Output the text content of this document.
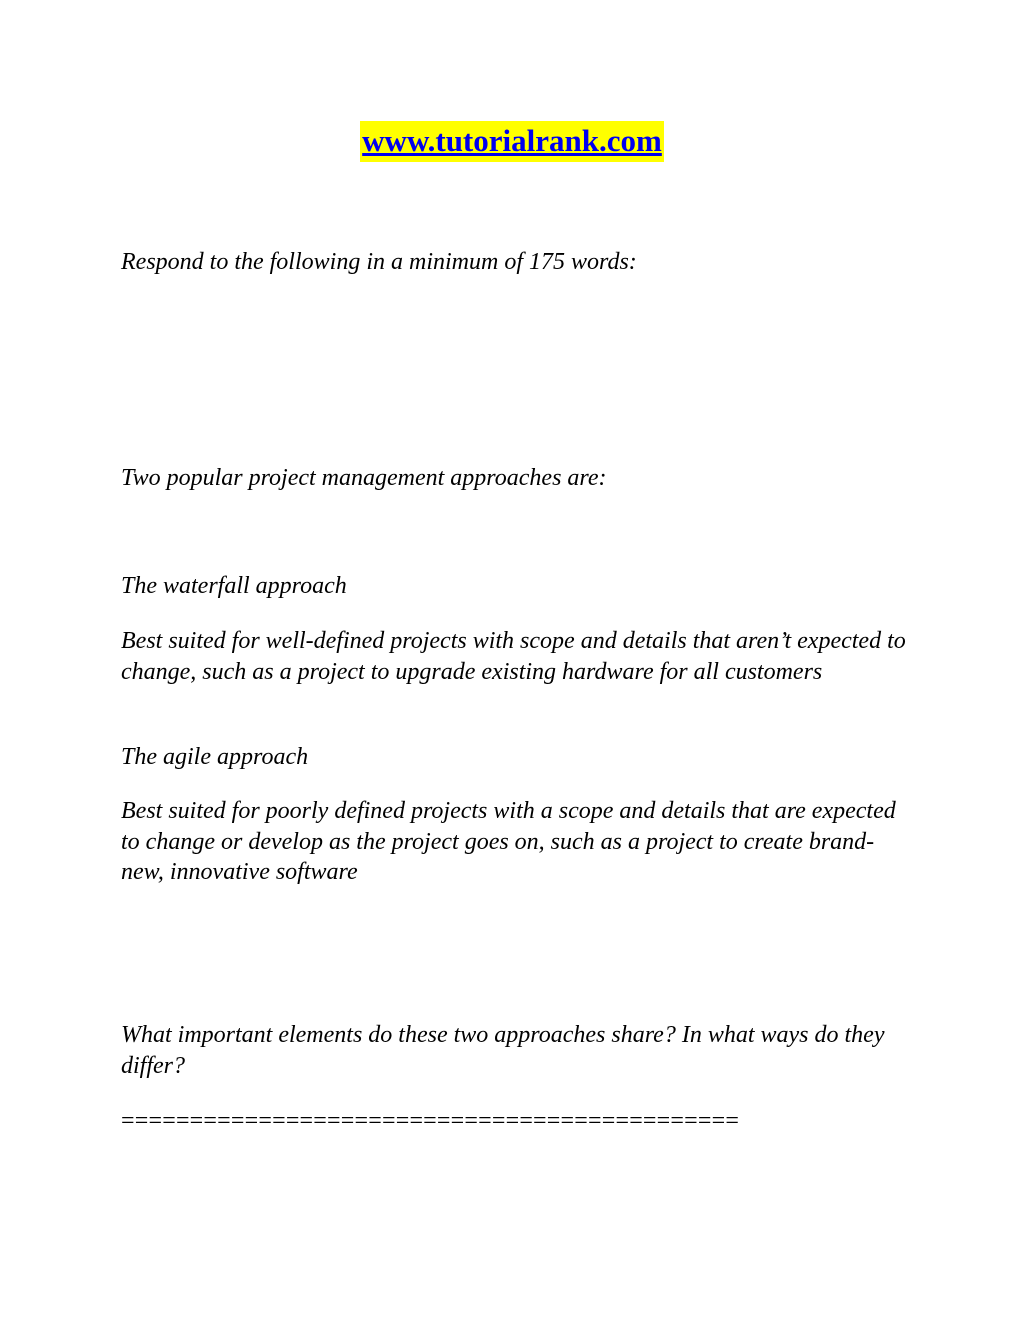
www.tutorialrank.com

Respond to the following in a minimum of 175 words:

Two popular project management approaches are:

The waterfall approach

Best suited for well-defined projects with scope and details that aren’t expected to change, such as a project to upgrade existing hardware for all customers

The agile approach

Best suited for poorly defined projects with a scope and details that are expected to change or develop as the project goes on, such as a project to create brand-new, innovative software

What important elements do these two approaches share? In what ways do they differ?

=============================================
